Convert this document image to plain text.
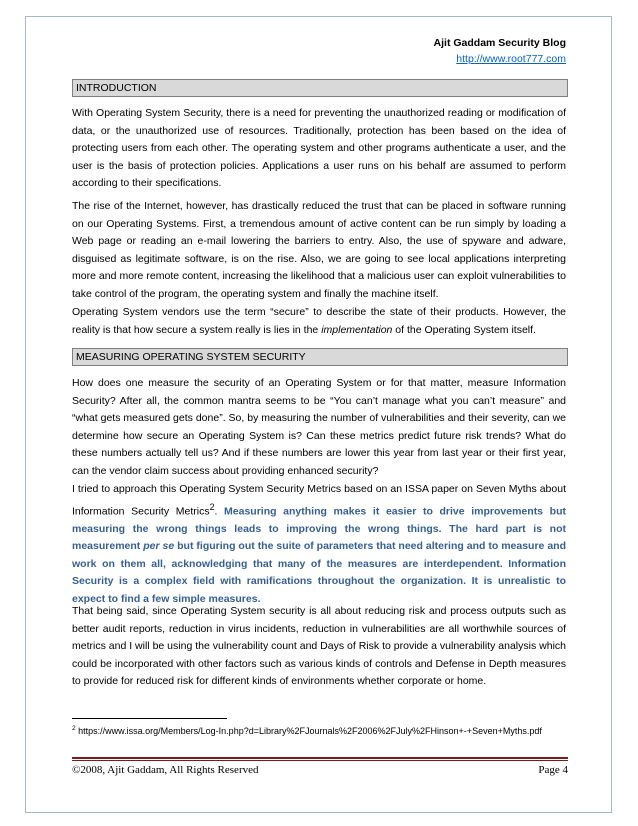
Ajit Gaddam Security Blog
http://www.root777.com
INTRODUCTION

With Operating System Security, there is a need for preventing the unauthorized reading or modification of data, or the unauthorized use of resources. Traditionally, protection has been based on the idea of protecting users from each other. The operating system and other programs authenticate a user, and the user is the basis of protection policies. Applications a user runs on his behalf are assumed to perform according to their specifications.

The rise of the Internet, however, has drastically reduced the trust that can be placed in software running on our Operating Systems. First, a tremendous amount of active content can be run simply by loading a Web page or reading an e-mail lowering the barriers to entry. Also, the use of spyware and adware, disguised as legitimate software, is on the rise. Also, we are going to see local applications interpreting more and more remote content, increasing the likelihood that a malicious user can exploit vulnerabilities to take control of the program, the operating system and finally the machine itself.

Operating System vendors use the term “secure” to describe the state of their products. However, the reality is that how secure a system really is lies in the implementation of the Operating System itself.

MEASURING OPERATING SYSTEM SECURITY

How does one measure the security of an Operating System or for that matter, measure Information Security? After all, the common mantra seems to be “You can’t manage what you can’t measure” and “what gets measured gets done”. So, by measuring the number of vulnerabilities and their severity, can we determine how secure an Operating System is? Can these metrics predict future risk trends? What do these numbers actually tell us? And if these numbers are lower this year from last year or their first year, can the vendor claim success about providing enhanced security?

I tried to approach this Operating System Security Metrics based on an ISSA paper on Seven Myths about Information Security Metrics$^2$. Measuring anything makes it easier to drive improvements but measuring the wrong things leads to improving the wrong things. The hard part is not measurement per se but figuring out the suite of parameters that need altering and to measure and work on them all, acknowledging that many of the measures are interdependent. Information Security is a complex field with ramifications throughout the organization. It is unrealistic to expect to find a few simple measures.

That being said, since Operating System security is all about reducing risk and process outputs such as better audit reports, reduction in virus incidents, reduction in vulnerabilities are all worthwhile sources of metrics and I will be using the vulnerability count and Days of Risk to provide a vulnerability analysis which could be incorporated with other factors such as various kinds of controls and Defense in Depth measures to provide for reduced risk for different kinds of environments whether corporate or home.

$^2$ https://www.issa.org/Members/Log-In.php?d=Library%2FJournals%2F2006%2FJuly%2FHinson+-+Seven+Myths.pdf
©2008, Ajit Gaddam, All Rights Reserved	Page 4
